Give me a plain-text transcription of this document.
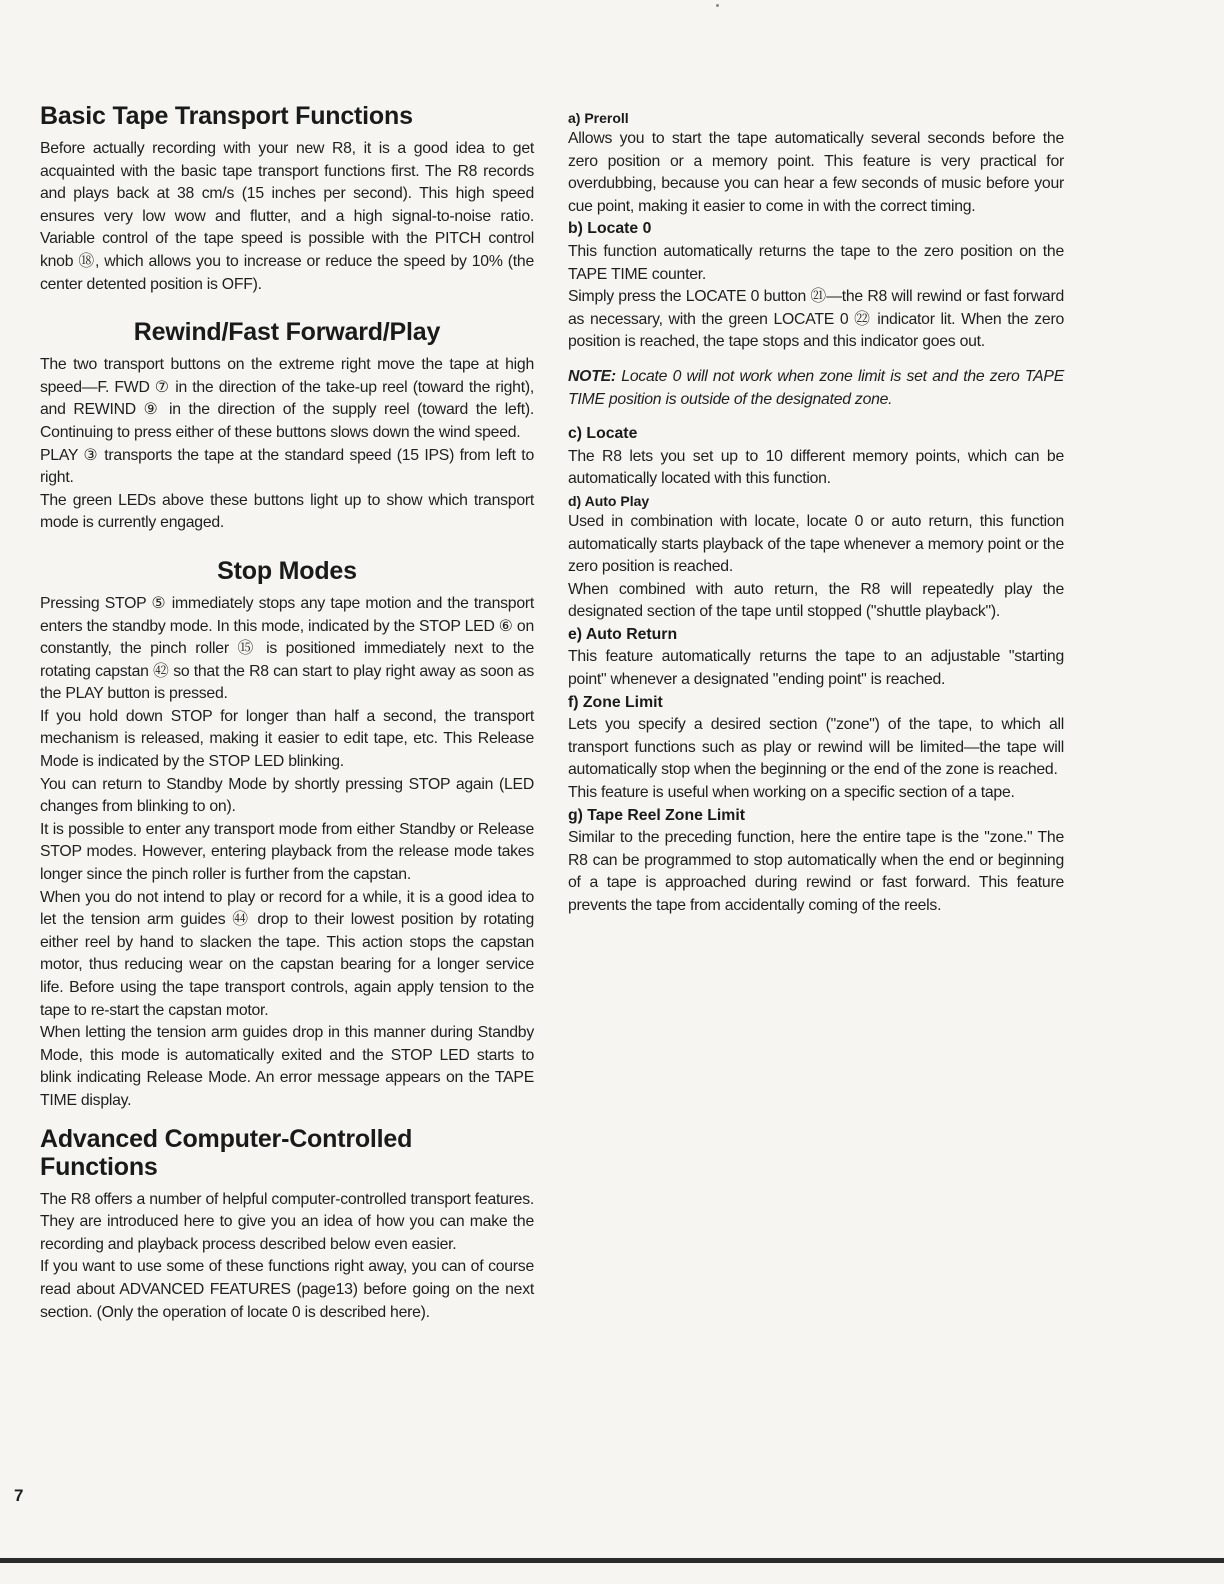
Basic Tape Transport Functions

Before actually recording with your new R8, it is a good idea to get acquainted with the basic tape transport functions first. The R8 records and plays back at 38 cm/s (15 inches per second). This high speed ensures very low wow and flutter, and a high signal-to-noise ratio. Variable control of the tape speed is possible with the PITCH control knob ⑱, which allows you to increase or reduce the speed by 10% (the center detented position is OFF).

Rewind/Fast Forward/Play

The two transport buttons on the extreme right move the tape at high speed—F. FWD ⑦ in the direction of the take-up reel (toward the right), and REWIND ⑨ in the direction of the supply reel (toward the left). Continuing to press either of these buttons slows down the wind speed.

PLAY ③ transports the tape at the standard speed (15 IPS) from left to right.

The green LEDs above these buttons light up to show which transport mode is currently engaged.

Stop Modes

Pressing STOP ⑤ immediately stops any tape motion and the transport enters the standby mode. In this mode, indicated by the STOP LED ⑥ on constantly, the pinch roller ⑮ is positioned immediately next to the rotating capstan ㊷ so that the R8 can start to play right away as soon as the PLAY button is pressed.

If you hold down STOP for longer than half a second, the transport mechanism is released, making it easier to edit tape, etc. This Release Mode is indicated by the STOP LED blinking.

You can return to Standby Mode by shortly pressing STOP again (LED changes from blinking to on).

It is possible to enter any transport mode from either Standby or Release STOP modes. However, entering playback from the release mode takes longer since the pinch roller is further from the capstan.

When you do not intend to play or record for a while, it is a good idea to let the tension arm guides ㊹ drop to their lowest position by rotating either reel by hand to slacken the tape. This action stops the capstan motor, thus reducing wear on the capstan bearing for a longer service life. Before using the tape transport controls, again apply tension to the tape to re-start the capstan motor.

When letting the tension arm guides drop in this manner during Standby Mode, this mode is automatically exited and the STOP LED starts to blink indicating Release Mode. An error message appears on the TAPE TIME display.

Advanced Computer-Controlled Functions

The R8 offers a number of helpful computer-controlled transport features. They are introduced here to give you an idea of how you can make the recording and playback process described below even easier.

If you want to use some of these functions right away, you can of course read about ADVANCED FEATURES (page13) before going on the next section. (Only the operation of locate 0 is described here).

a) Preroll

Allows you to start the tape automatically several seconds before the zero position or a memory point. This feature is very practical for overdubbing, because you can hear a few seconds of music before your cue point, making it easier to come in with the correct timing.

b) Locate 0

This function automatically returns the tape to the zero position on the TAPE TIME counter.

Simply press the LOCATE 0 button ㉑—the R8 will rewind or fast forward as necessary, with the green LOCATE 0 ㉒ indicator lit. When the zero position is reached, the tape stops and this indicator goes out.

NOTE: Locate 0 will not work when zone limit is set and the zero TAPE TIME position is outside of the designated zone.

c) Locate

The R8 lets you set up to 10 different memory points, which can be automatically located with this function.

d) Auto Play

Used in combination with locate, locate 0 or auto return, this function automatically starts playback of the tape whenever a memory point or the zero position is reached.

When combined with auto return, the R8 will repeatedly play the designated section of the tape until stopped ("shuttle playback").

e) Auto Return

This feature automatically returns the tape to an adjustable "starting point" whenever a designated "ending point" is reached.

f) Zone Limit

Lets you specify a desired section ("zone") of the tape, to which all transport functions such as play or rewind will be limited—the tape will automatically stop when the beginning or the end of the zone is reached.

This feature is useful when working on a specific section of a tape.

g) Tape Reel Zone Limit

Similar to the preceding function, here the entire tape is the "zone." The R8 can be programmed to stop automatically when the end or beginning of a tape is approached during rewind or fast forward. This feature prevents the tape from accidentally coming of the reels.

7
